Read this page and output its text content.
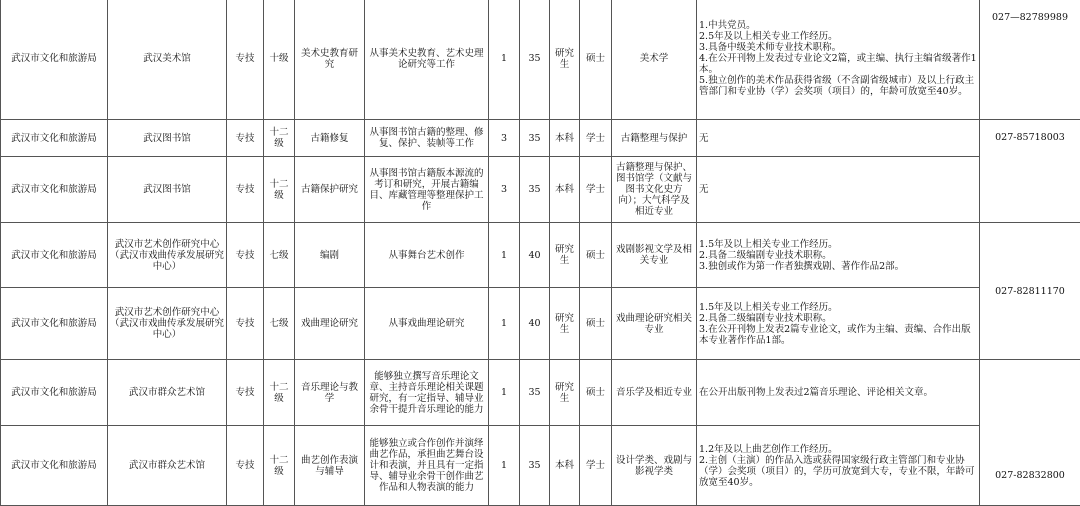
武汉市文化和旅游局	武汉美术馆	专技	十级	美术史教育研究	从事美术史教育、艺术史理论研究等工作	1	35	研究生	硕士	美术学	1.中共党员。
2.5年及以上相关专业工作经历。
3.具备中级美术师专业技术职称。
4.在公开刊物上发表过专业论文2篇，或主编、执行主编省级著作1本。
5.独立创作的美术作品获得省级（不含副省级城市）及以上行政主管部门和专业协（学）会奖项（项目）的，年龄可放宽至40岁。	027—82789989
武汉市文化和旅游局	武汉图书馆	专技	十二级	古籍修复	从事图书馆古籍的整理、修复、保护、装帧等工作	3	35	本科	学士	古籍整理与保护	无	027-85718003
武汉市文化和旅游局	武汉图书馆	专技	十二级	古籍保护研究	从事图书馆古籍版本源流的考订和研究，开展古籍编目、库藏管理等整理保护工作	3	35	本科	学士	古籍整理与保护、图书馆学（文献与图书文化史方向）；大气科学及相近专业	无	

武汉市文化和旅游局	武汉市艺术创作研究中心（武汉市戏曲传承发展研究中心）	专技	七级	编剧	从事舞台艺术创作	1	40	研究生	硕士	戏剧影视文学及相关专业	1.5年及以上相关专业工作经历。
2.具备二级编剧专业技术职称。
3.独创或作为第一作者独撰戏剧、著作作品2部。	027-82811170
武汉市文化和旅游局	武汉市艺术创作研究中心（武汉市戏曲传承发展研究中心）	专技	七级	戏曲理论研究	从事戏曲理论研究	1	40	研究生	硕士	戏曲理论研究相关专业	1.5年及以上相关专业工作经历。
2.具备二级编剧专业技术职称。
3.在公开刊物上发表2篇专业论文，或作为主编、责编、合作出版本专业著作作品1部。	

武汉市文化和旅游局	武汉市群众艺术馆	专技	十二级	音乐理论与教学	能够独立撰写音乐理论文章、主持音乐理论相关课题研究，有一定指导、辅导业余骨干提升音乐理论的能力	1	35	研究生	硕士	音乐学及相近专业	在公开出版刊物上发表过2篇音乐理论、评论相关文章。	027-82832800
武汉市文化和旅游局	武汉市群众艺术馆	专技	十二级	曲艺创作表演与辅导	能够独立或合作创作并演绎曲艺作品，承担曲艺舞台设计和表演，并且具有一定指导、辅导业余骨干创作曲艺作品和人物表演的能力	1	35	本科	学士	设计学类、戏剧与影视学类	1.2年及以上曲艺创作工作经历。
2.主创（主演）的作品入选或获得国家级行政主管部门和专业协（学）会奖项（项目）的，学历可放宽到大专，专业不限，年龄可放宽至40岁。	
